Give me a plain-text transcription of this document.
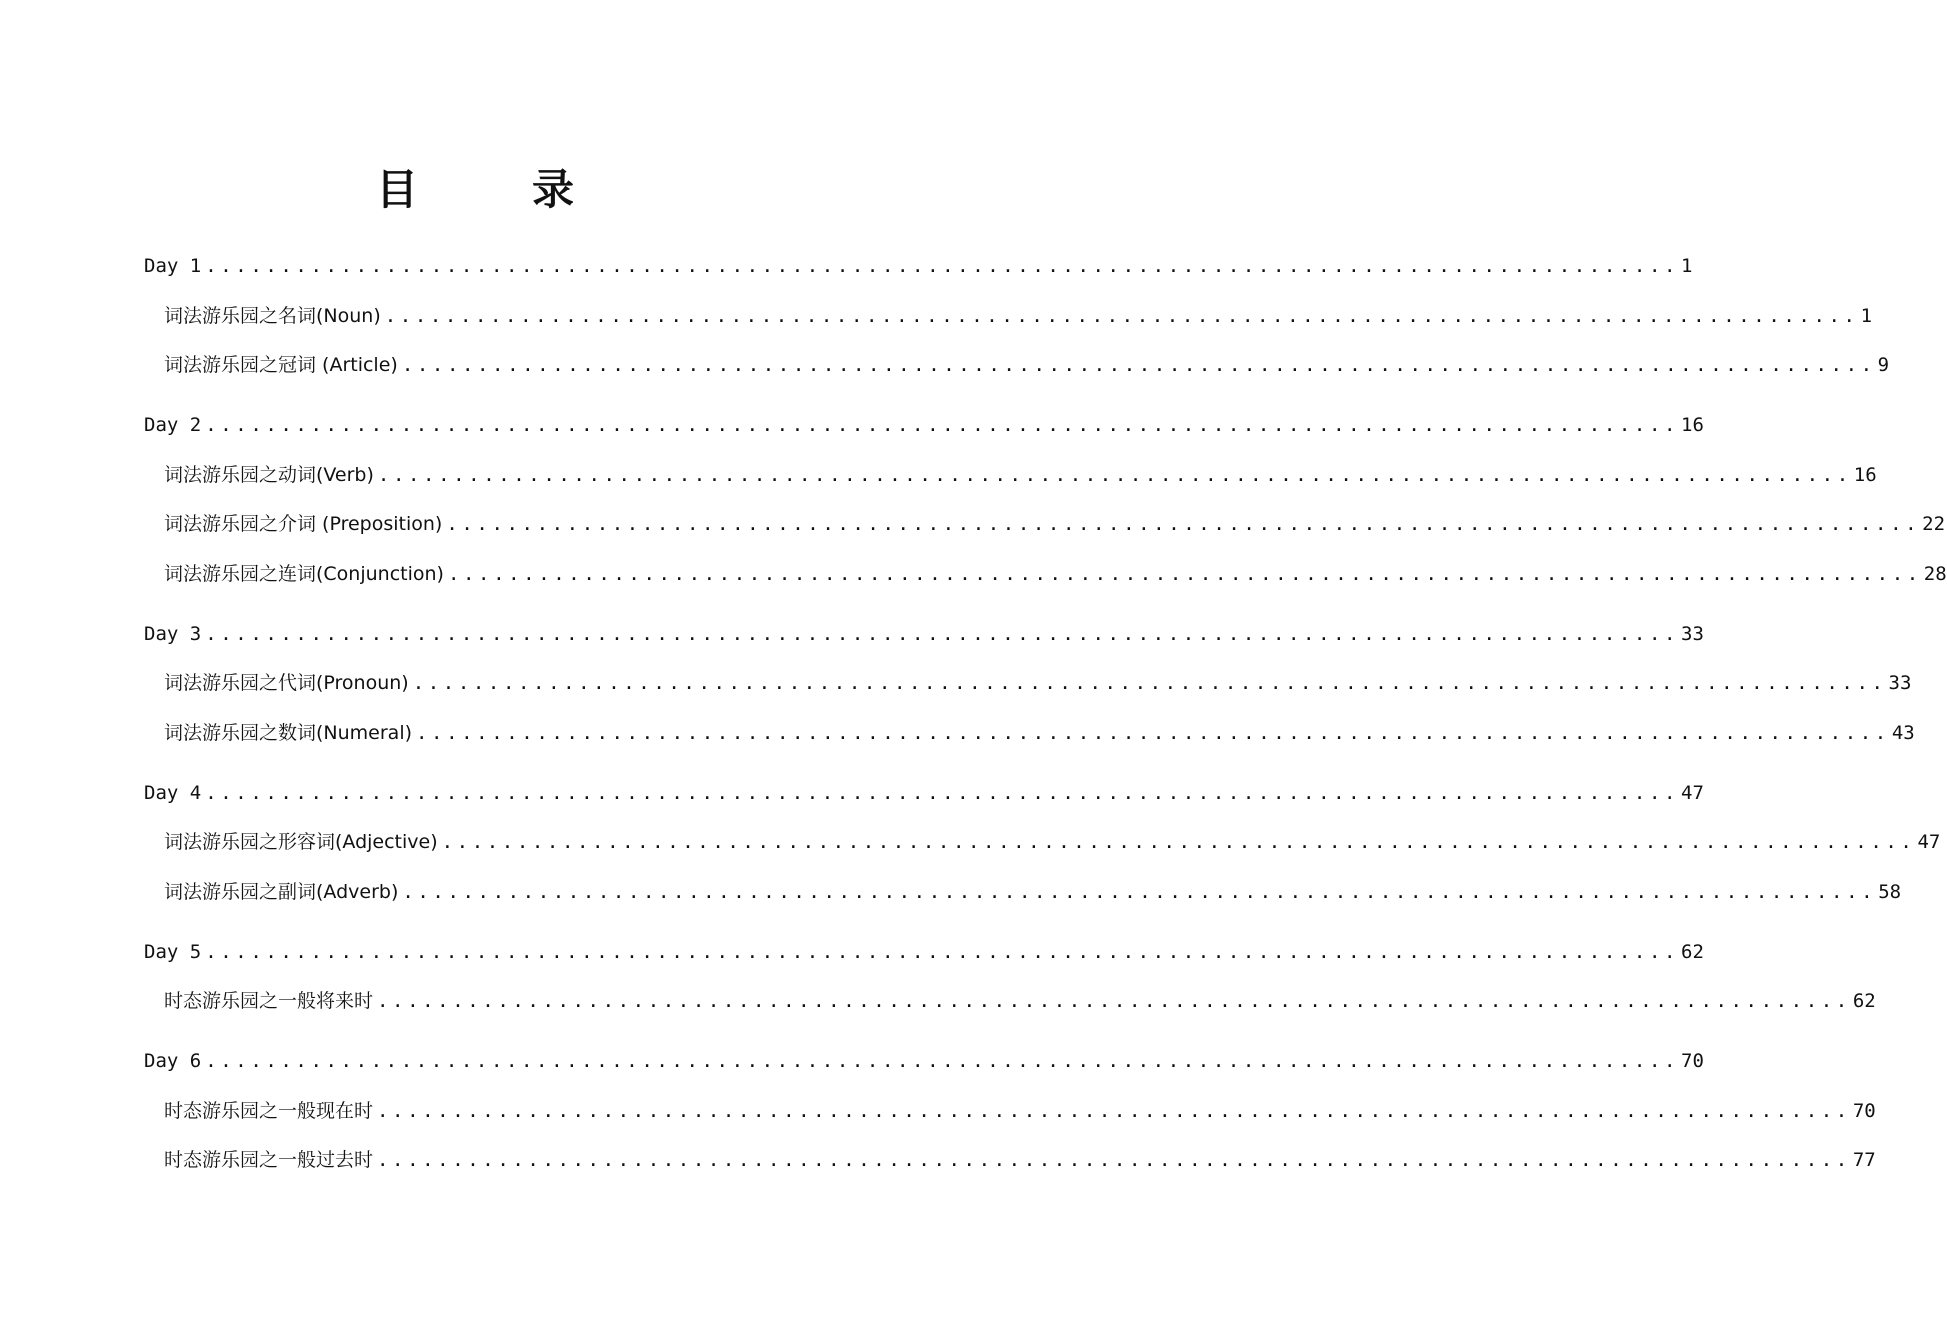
目　录
Day 1 .................................................................................................. 1
词法游乐园之名词(Noun) .................................................................................................. 1
词法游乐园之冠词 (Article) .................................................................................................. 9
Day 2 .................................................................................................. 16
词法游乐园之动词(Verb) .................................................................................................. 16
词法游乐园之介词 (Preposition) .................................................................................................. 22
词法游乐园之连词(Conjunction) .................................................................................................. 28
Day 3 .................................................................................................. 33
词法游乐园之代词(Pronoun) .................................................................................................. 33
词法游乐园之数词(Numeral) .................................................................................................. 43
Day 4 .................................................................................................. 47
词法游乐园之形容词(Adjective) .................................................................................................. 47
词法游乐园之副词(Adverb) .................................................................................................. 58
Day 5 .................................................................................................. 62
时态游乐园之一般将来时 .................................................................................................. 62
Day 6 .................................................................................................. 70
时态游乐园之一般现在时 .................................................................................................. 70
时态游乐园之一般过去时 .................................................................................................. 77
